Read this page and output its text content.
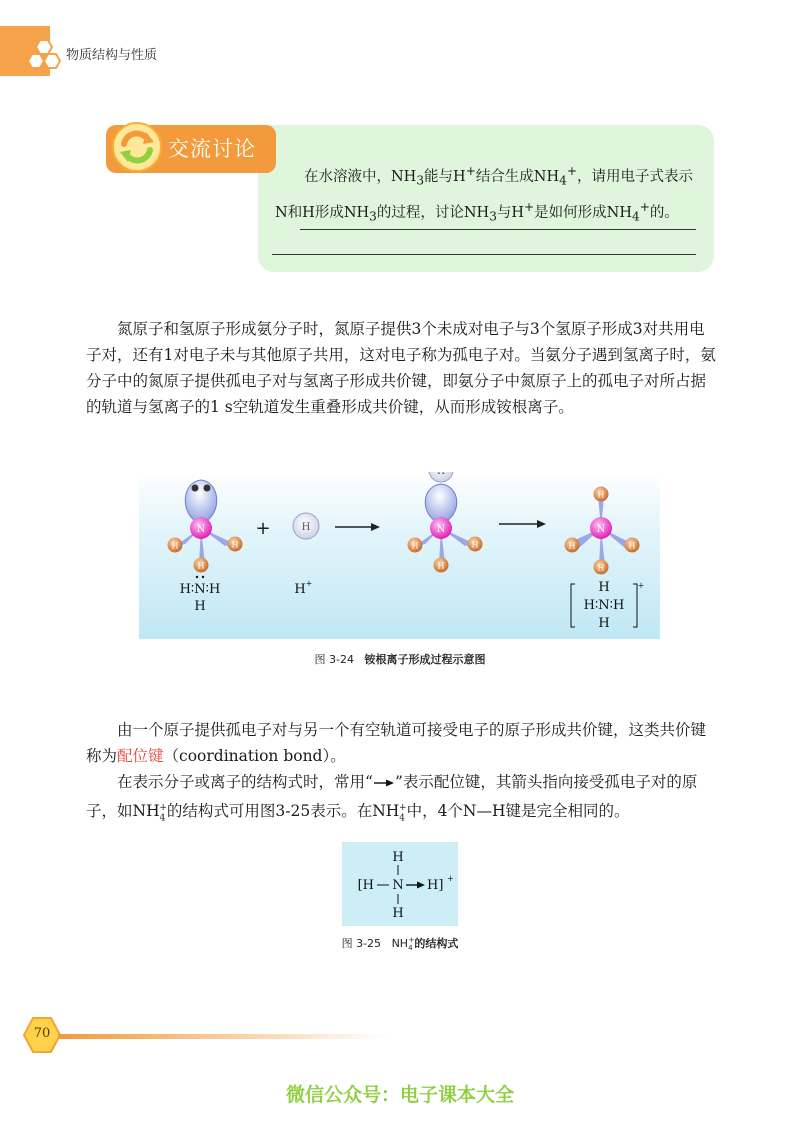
物质结构与性质
交流讨论

在水溶液中，$NH_3$能与H+结合生成$NH_4^+$，请用电子式表示

N和H形成$NH_3$的过程，讨论$NH_3$与H+是如何形成$NH_4^+$的。

氮原子和氢原子形成氨分子时，氮原子提供3个未成对电子与3个氢原子形成3对共用电子对，还有1对电子未与其他原子共用，这对电子称为孤电子对。当氨分子遇到氢离子时，氨分子中的氮原子提供孤电子对与氢离子形成共价键，即氨分子中氮原子上的孤电子对所占据的轨道与氢离子的1 s空轨道发生重叠形成共价键，从而形成铵根离子。

N
H	H
H
+	H
H
N
H	H
H
N
H
H	H
H
H∶N∶H
H
H +	H
H∶N∶H
H
+
图 3-24 铵根离子形成过程示意图

由一个原子提供孤电子对与另一个有空轨道可接受电子的原子形成共价键，这类共价键称为配位键（coordination bond）。

在表示分子或离子的结构式时，常用“ ”表示配位键，其箭头指向接受孤电子对的原子，如$NH_4^+$的结构式可用图3-25表示。在$NH_4^+$中，4个N—H键是完全相同的。

H
[H N H] +
H
图 3-25 $NH_4^+$的结构式
70
微信公众号：电子课本大全
